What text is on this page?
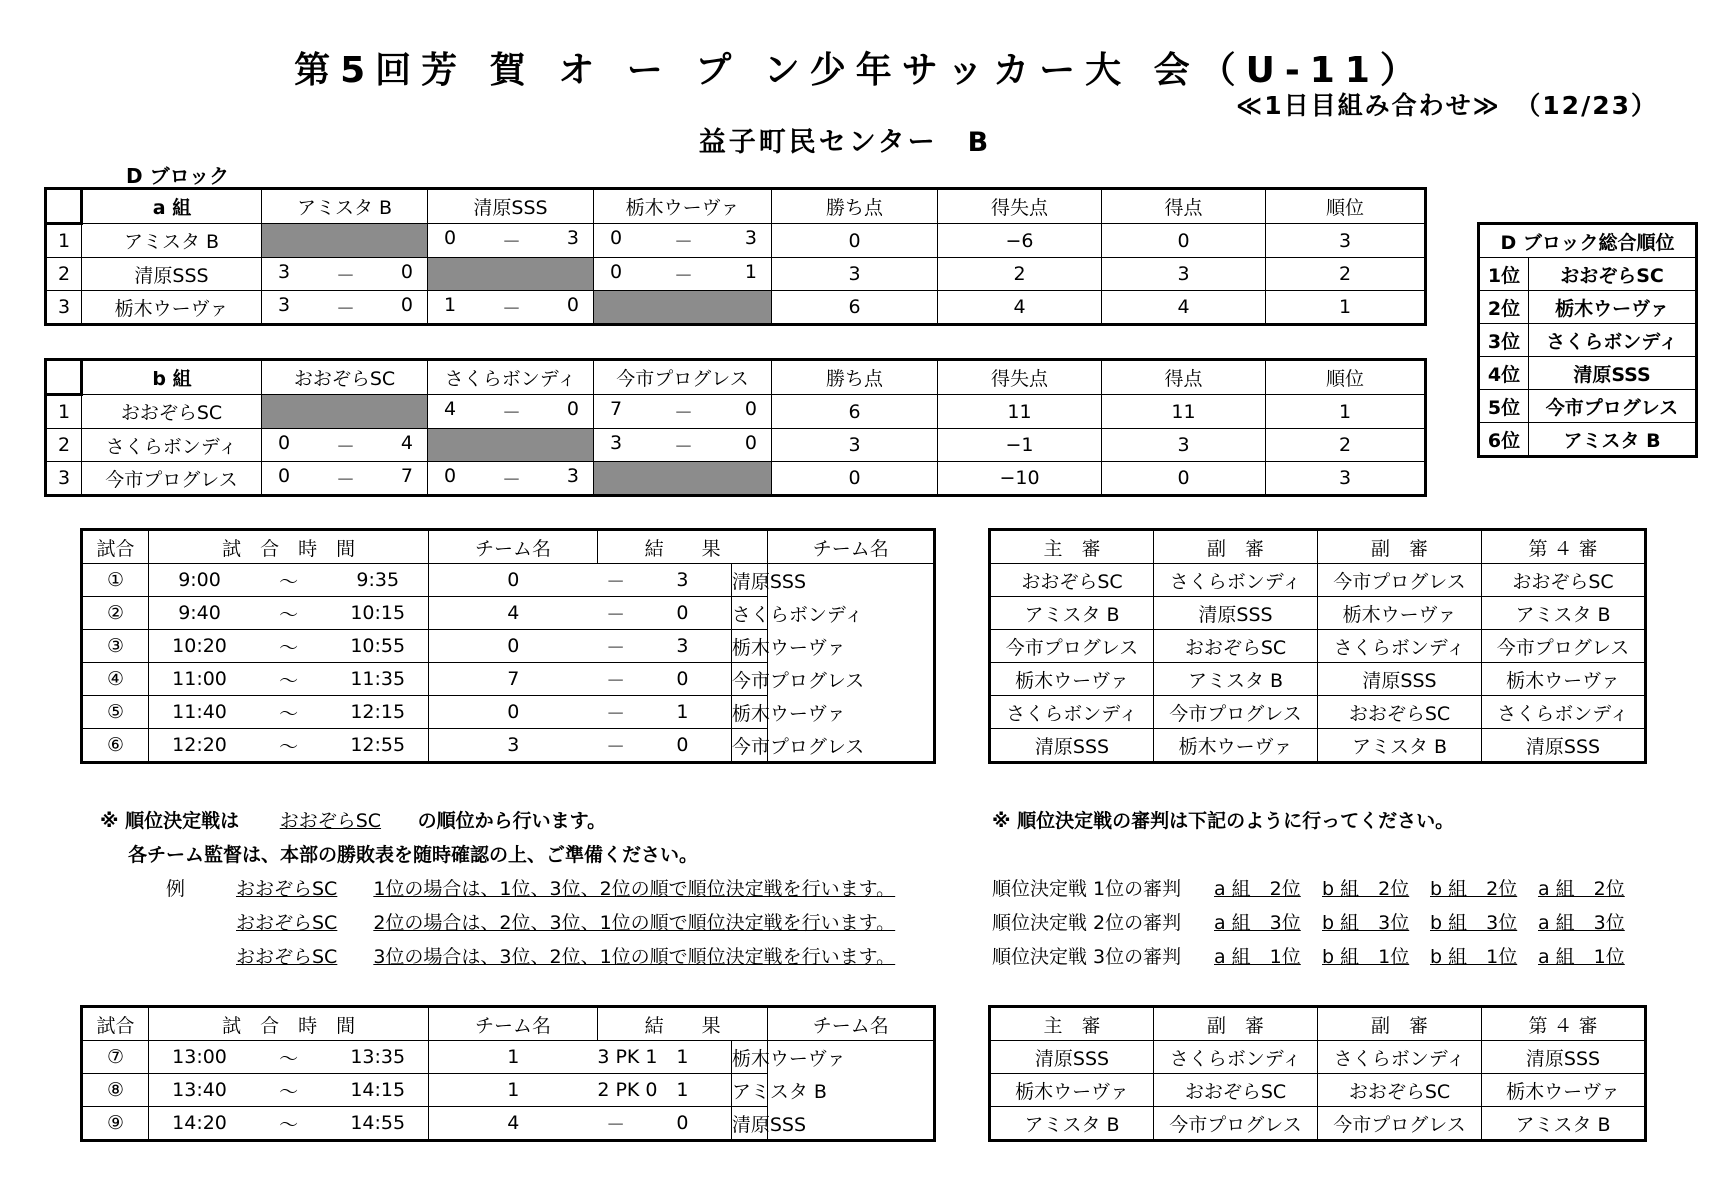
第5回芳 賀 オ ー プ ン少年サッカー大 会（U-11）
≪1日目組み合わせ≫　（12/23）
益子町民センター　B
D ブロック
	a 組	アミスタ B	清原SSS	栃木ウーヴァ	勝ち点	得失点	得点	順位
1	アミスタ B		0 － 3	0 － 3	0	−6	0	3
2	清原SSS	3 － 0		0 － 1	3	2	3	2
3	栃木ウーヴァ	3 － 0	1 － 0		6	4	4	1
	b 組	おおぞらSC	さくらボンディ	今市プログレス	勝ち点	得失点	得点	順位
1	おおぞらSC		4 － 0	7 － 0	6	11	11	1
2	さくらボンディ	0 － 4		3 － 0	3	−1	3	2
3	今市プログレス	0 － 7	0 － 3		0	−10	0	3
D ブロック総合順位	
1位	おおぞらSC
2位	栃木ウーヴァ
3位	さくらボンディ
4位	清原SSS
5位	今市プログレス
6位	アミスタ B
試合	試　合　時　間			チーム名	結　　果			チーム名
①	9:00	〜	9:35		0	－	3	清原SSS	
②	9:40	〜	10:15		4	－	0	さくらボンディ	
③	10:20	〜	10:55		0	－	3	栃木ウーヴァ	
④	11:00	〜	11:35		7	－	0	今市プログレス	
⑤	11:40	〜	12:15		0	－	1	栃木ウーヴァ	
⑥	12:20	〜	12:55		3	－	0	今市プログレス	
主　審	副　審	副　審	第 ４ 審
おおぞらSC	さくらボンディ	今市プログレス	おおぞらSC
アミスタ B	清原SSS	栃木ウーヴァ	アミスタ B
今市プログレス	おおぞらSC	さくらボンディ	今市プログレス
栃木ウーヴァ	アミスタ B	清原SSS	栃木ウーヴァ
さくらボンディ	今市プログレス	おおぞらSC	さくらボンディ
清原SSS	栃木ウーヴァ	アミスタ B	清原SSS
試合	試　合　時　間			チーム名	結　　果			チーム名
⑦	13:00	〜	13:35		1	3 PK 1	1	栃木ウーヴァ	
⑧	13:40	〜	14:15		1	2 PK 0	1	アミスタ B	
⑨	14:20	〜	14:55		4	－	0	清原SSS	
主　審	副　審	副　審	第 ４ 審
清原SSS	さくらボンディ	さくらボンディ	清原SSS
栃木ウーヴァ	おおぞらSC	おおぞらSC	栃木ウーヴァ
アミスタ B	今市プログレス	今市プログレス	アミスタ B
※ 順位決定戦は おおぞらSC の順位から行います。
各チーム監督は、本部の勝敗表を随時確認の上、ご準備ください。
例	おおぞらSC 1位の場合は、1位、3位、2位の順で順位決定戦を行います。
おおぞらSC 2位の場合は、2位、3位、1位の順で順位決定戦を行います。
おおぞらSC 3位の場合は、3位、2位、1位の順で順位決定戦を行います。
※ 順位決定戦の審判は下記のように行ってください。
順位決定戦 1位の審判 a 組　2位 b 組　2位 b 組　2位 a 組　2位
順位決定戦 2位の審判 a 組　3位 b 組　3位 b 組　3位 a 組　3位
順位決定戦 3位の審判 a 組　1位 b 組　1位 b 組　1位 a 組　1位
